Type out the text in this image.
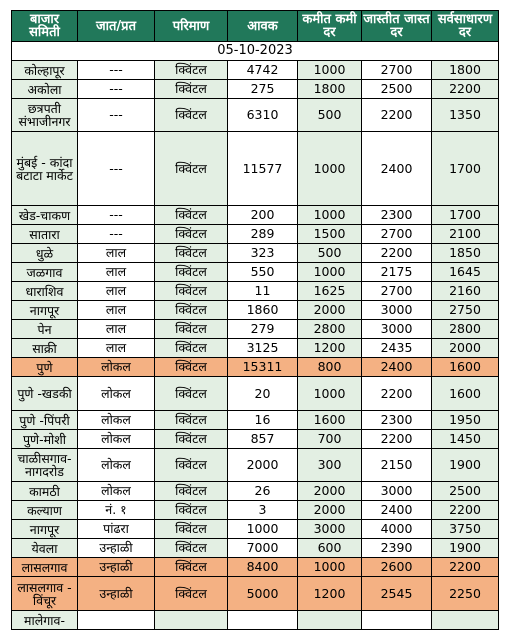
बाजार समिती	जात/प्रत	परिमाण	आवक	कमीत कमी दर	जास्तीत जास्त दर	सर्वसाधारण दर
05-10-2023						
कोल्हापूर	---	क्विंटल	4742	1000	2700	1800
अकोला	---	क्विंटल	275	1800	2500	2200
छत्रपती संभाजीनगर	---	क्विंटल	6310	500	2200	1350
मुंबई - कांदा बटाटा मार्केट	---	क्विंटल	11577	1000	2400	1700
खेड-चाकण	---	क्विंटल	200	1000	2300	1700
सातारा	---	क्विंटल	289	1500	2700	2100
धुळे	लाल	क्विंटल	323	500	2200	1850
जळगाव	लाल	क्विंटल	550	1000	2175	1645
धाराशिव	लाल	क्विंटल	11	1625	2700	2160
नागपूर	लाल	क्विंटल	1860	2000	3000	2750
पेन	लाल	क्विंटल	279	2800	3000	2800
साक्री	लाल	क्विंटल	3125	1200	2435	2000
पुणे	लोकल	क्विंटल	15311	800	2400	1600
पुणे -खडकी	लोकल	क्विंटल	20	1000	2200	1600
पुणे -पिंपरी	लोकल	क्विंटल	16	1600	2300	1950
पुणे-मोशी	लोकल	क्विंटल	857	700	2200	1450
चाळीसगाव-नागदरोड	लोकल	क्विंटल	2000	300	2150	1900
कामठी	लोकल	क्विंटल	26	2000	3000	2500
कल्याण	नं. १	क्विंटल	3	2000	2400	2200
नागपूर	पांढरा	क्विंटल	1000	3000	4000	3750
येवला	उन्हाळी	क्विंटल	7000	600	2390	1900
लासलगाव	उन्हाळी	क्विंटल	8400	1000	2600	2200
लासलगाव - विंचूर	उन्हाळी	क्विंटल	5000	1200	2545	2250
मालेगाव-						
